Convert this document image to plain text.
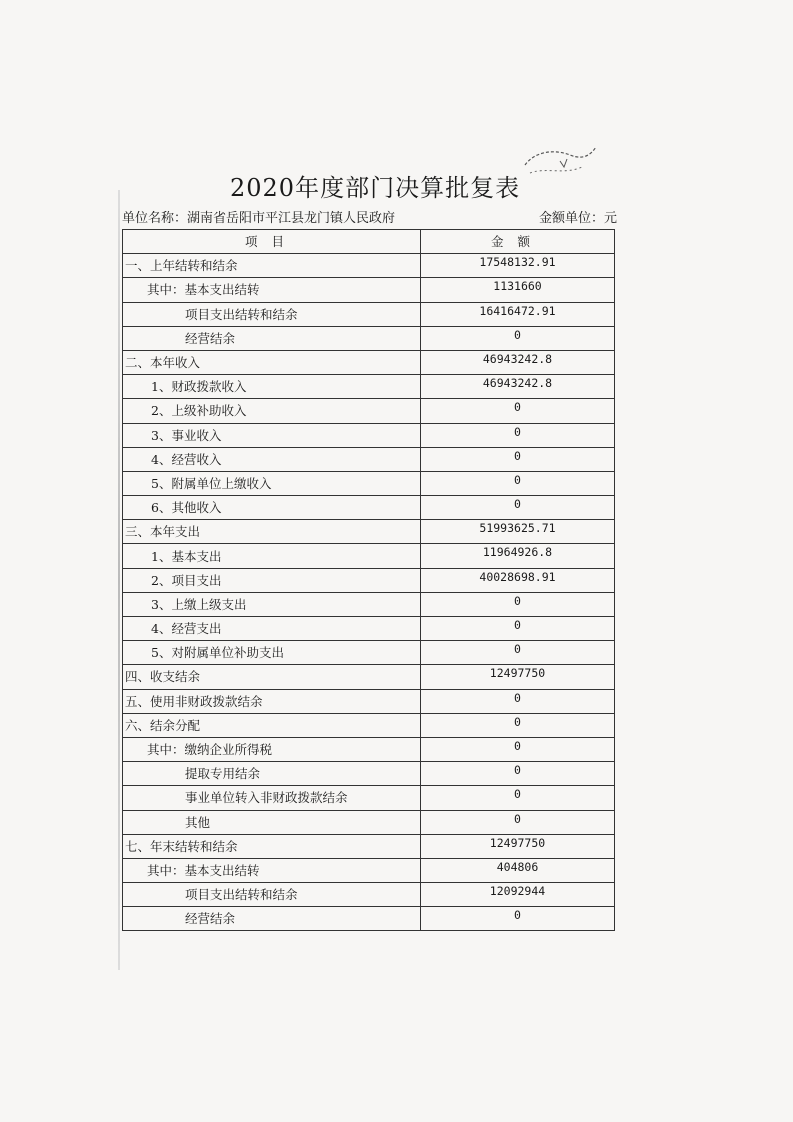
2020年度部门决算批复表
单位名称：湖南省岳阳市平江县龙门镇人民政府	金额单位：元
项目	金额
一、上年结转和结余	17548132.91
其中：基本支出结转	1131660
项目支出结转和结余	16416472.91
经营结余	0
二、本年收入	46943242.8
1、财政拨款收入	46943242.8
2、上级补助收入	0
3、事业收入	0
4、经营收入	0
5、附属单位上缴收入	0
6、其他收入	0
三、本年支出	51993625.71
1、基本支出	11964926.8
2、项目支出	40028698.91
3、上缴上级支出	0
4、经营支出	0
5、对附属单位补助支出	0
四、收支结余	12497750
五、使用非财政拨款结余	0
六、结余分配	0
其中：缴纳企业所得税	0
提取专用结余	0
事业单位转入非财政拨款结余	0
其他	0
七、年末结转和结余	12497750
其中：基本支出结转	404806
项目支出结转和结余	12092944
经营结余	0
